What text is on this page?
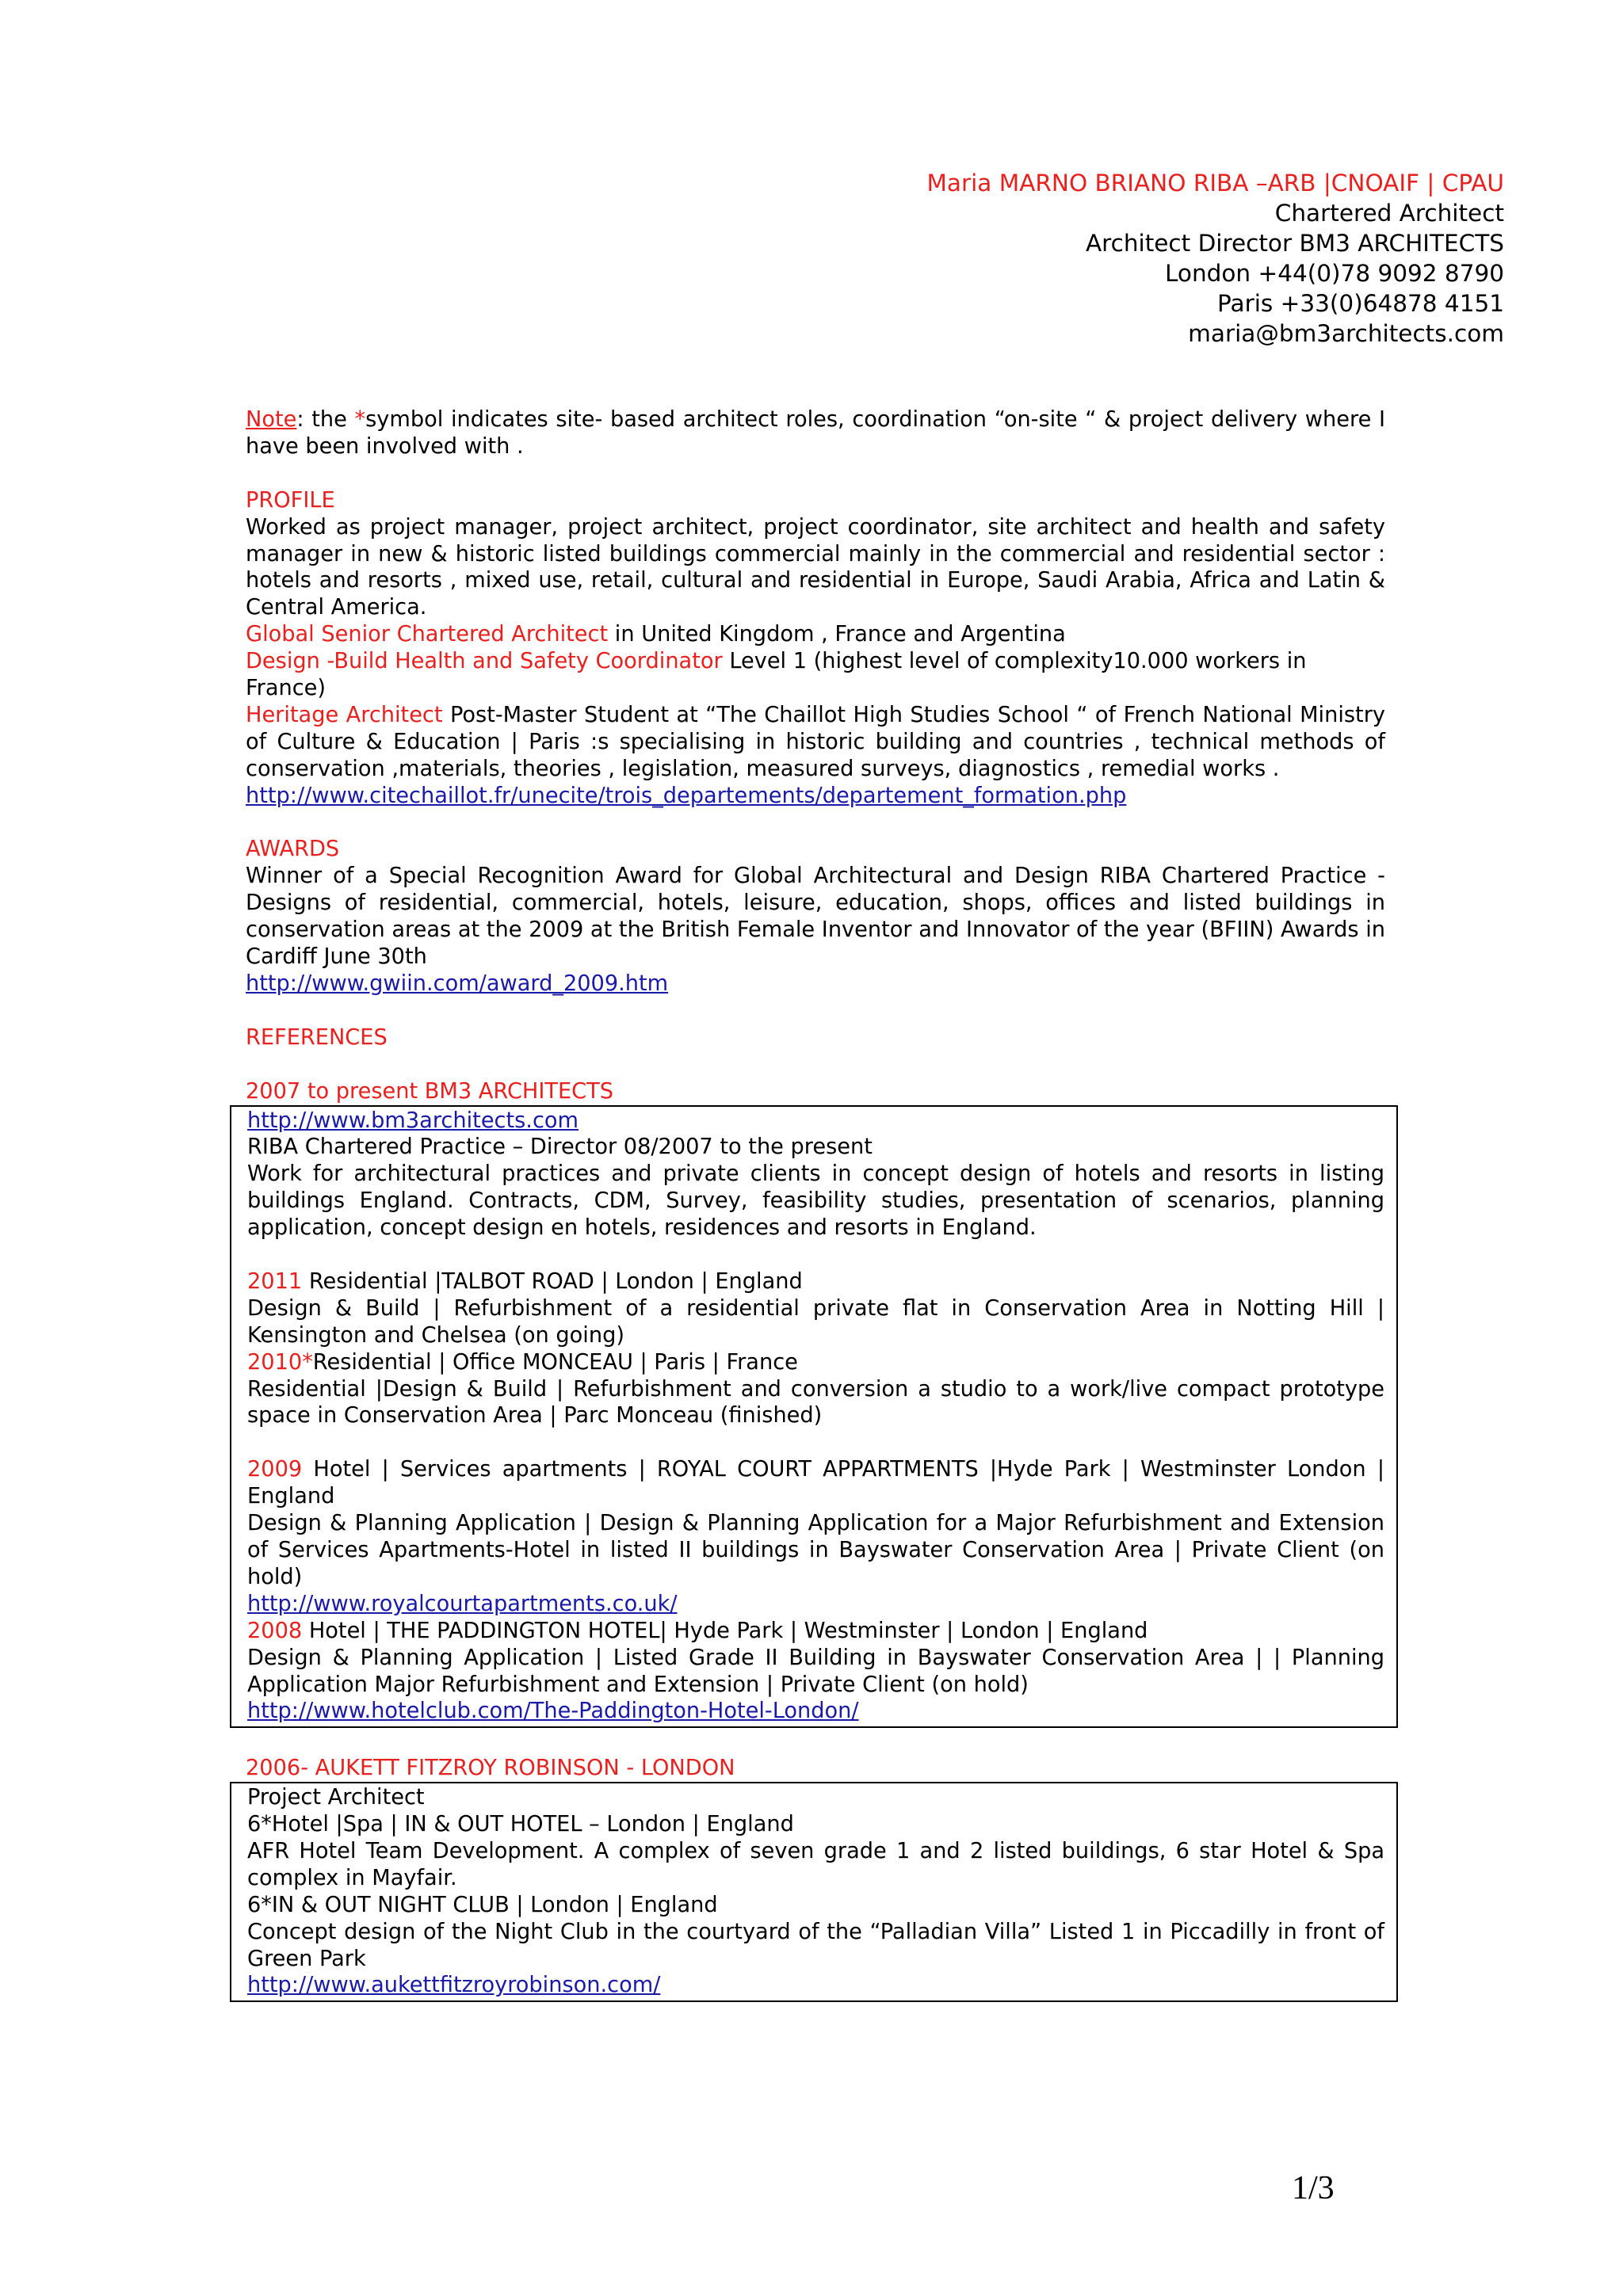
Maria MARNO BRIANO RIBA –ARB |CNOAIF | CPAU
Chartered Architect
Architect Director BM3 ARCHITECTS
London +44(0)78 9092 8790
Paris +33(0)64878 4151
maria@bm3architects.com

Note: the *symbol indicates site- based architect roles, coordination “on-site “ & project delivery where I have been involved with .

PROFILE

Worked as project manager, project architect, project coordinator, site architect and health and safety manager in new & historic listed buildings commercial mainly in the commercial and residential sector : hotels and resorts , mixed use, retail, cultural and residential in Europe, Saudi Arabia, Africa and Latin & Central America.

Global Senior Chartered Architect in United Kingdom , France and Argentina

Design -Build Health and Safety Coordinator Level 1 (highest level of complexity10.000 workers in France)

Heritage Architect Post-Master Student at “The Chaillot High Studies School “ of French National Ministry of Culture & Education | Paris :s specialising in historic building and countries , technical methods of conservation ,materials, theories , legislation, measured surveys, diagnostics , remedial works .

http://www.citechaillot.fr/unecite/trois_departements/departement_formation.php

AWARDS

Winner of a Special Recognition Award for Global Architectural and Design RIBA Chartered Practice - Designs of residential, commercial, hotels, leisure, education, shops, offices and listed buildings in conservation areas at the 2009 at the British Female Inventor and Innovator of the year (BFIIN) Awards in Cardiff June 30th

http://www.gwiin.com/award_2009.htm

REFERENCES

2007 to present BM3 ARCHITECTS

http://www.bm3architects.com

RIBA Chartered Practice – Director 08/2007 to the present

Work for architectural practices and private clients in concept design of hotels and resorts in listing buildings England. Contracts, CDM, Survey, feasibility studies, presentation of scenarios, planning application, concept design en hotels, residences and resorts in England.

2011 Residential |TALBOT ROAD | London | England

Design & Build | Refurbishment of a residential private flat in Conservation Area in Notting Hill | Kensington and Chelsea (on going)

2010*Residential | Office MONCEAU | Paris | France

Residential |Design & Build | Refurbishment and conversion a studio to a work/live compact prototype space in Conservation Area | Parc Monceau (finished)

2009 Hotel | Services apartments | ROYAL COURT APPARTMENTS |Hyde Park | Westminster London | England

Design & Planning Application | Design & Planning Application for a Major Refurbishment and Extension of Services Apartments-Hotel in listed II buildings in Bayswater Conservation Area | Private Client (on hold)

http://www.royalcourtapartments.co.uk/

2008 Hotel | THE PADDINGTON HOTEL| Hyde Park | Westminster | London | England

Design & Planning Application | Listed Grade II Building in Bayswater Conservation Area | | Planning Application Major Refurbishment and Extension | Private Client (on hold)

http://www.hotelclub.com/The-Paddington-Hotel-London/

2006- AUKETT FITZROY ROBINSON - LONDON

Project Architect

6*Hotel |Spa | IN & OUT HOTEL – London | England

AFR Hotel Team Development. A complex of seven grade 1 and 2 listed buildings, 6 star Hotel & Spa complex in Mayfair.

6*IN & OUT NIGHT CLUB | London | England

Concept design of the Night Club in the courtyard of the “Palladian Villa” Listed 1 in Piccadilly in front of Green Park

http://www.aukettfitzroyrobinson.com/

1/3
